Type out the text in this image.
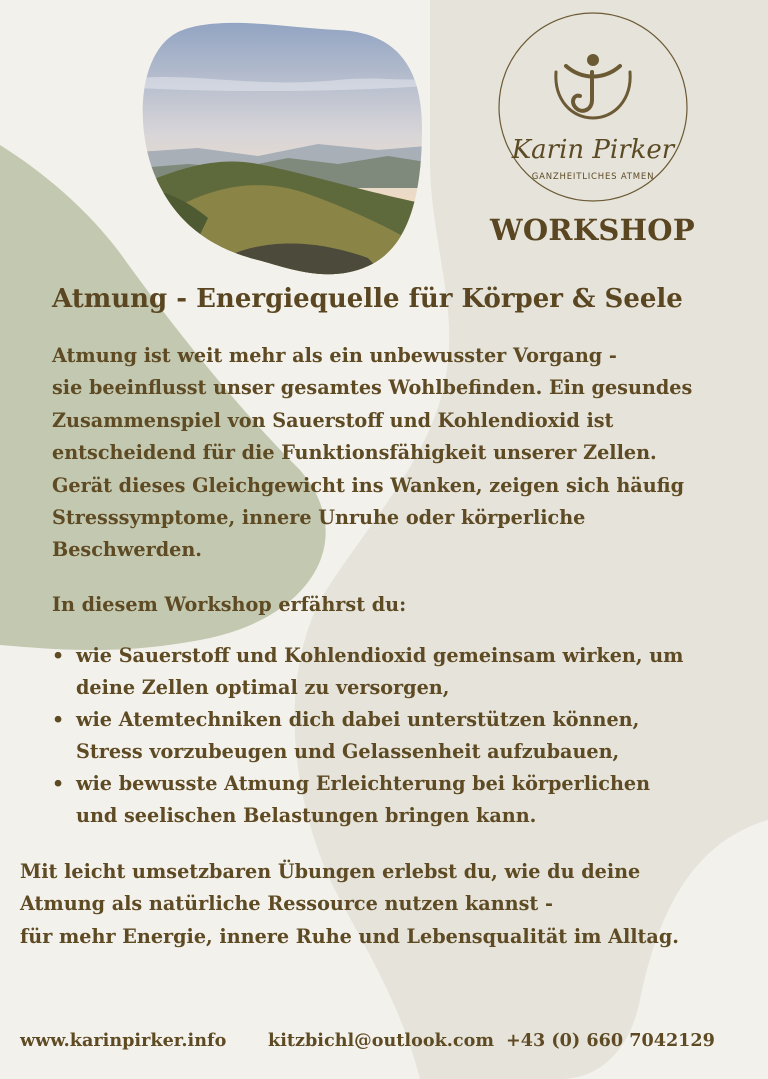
Karin Pirker
GANZHEITLICHES ATMEN
WORKSHOP
Atmung - Energiequelle für Körper & Seele
Atmung ist weit mehr als ein unbewusster Vorgang -
sie beeinflusst unser gesamtes Wohlbefinden. Ein gesundes
Zusammenspiel von Sauerstoff und Kohlendioxid ist
entscheidend für die Funktionsfähigkeit unserer Zellen.
Gerät dieses Gleichgewicht ins Wanken, zeigen sich häufig
Stresssymptome, innere Unruhe oder körperliche
Beschwerden.
In diesem Workshop erfährst du:
• wie Sauerstoff und Kohlendioxid gemeinsam wirken, um
deine Zellen optimal zu versorgen,
• wie Atemtechniken dich dabei unterstützen können,
Stress vorzubeugen und Gelassenheit aufzubauen,
• wie bewusste Atmung Erleichterung bei körperlichen
und seelischen Belastungen bringen kann.
Mit leicht umsetzbaren Übungen erlebst du, wie du deine
Atmung als natürliche Ressource nutzen kannst -
für mehr Energie, innere Ruhe und Lebensqualität im Alltag.
www.karinpirker.info kitzbichl@outlook.com +43 (0) 660 7042129
